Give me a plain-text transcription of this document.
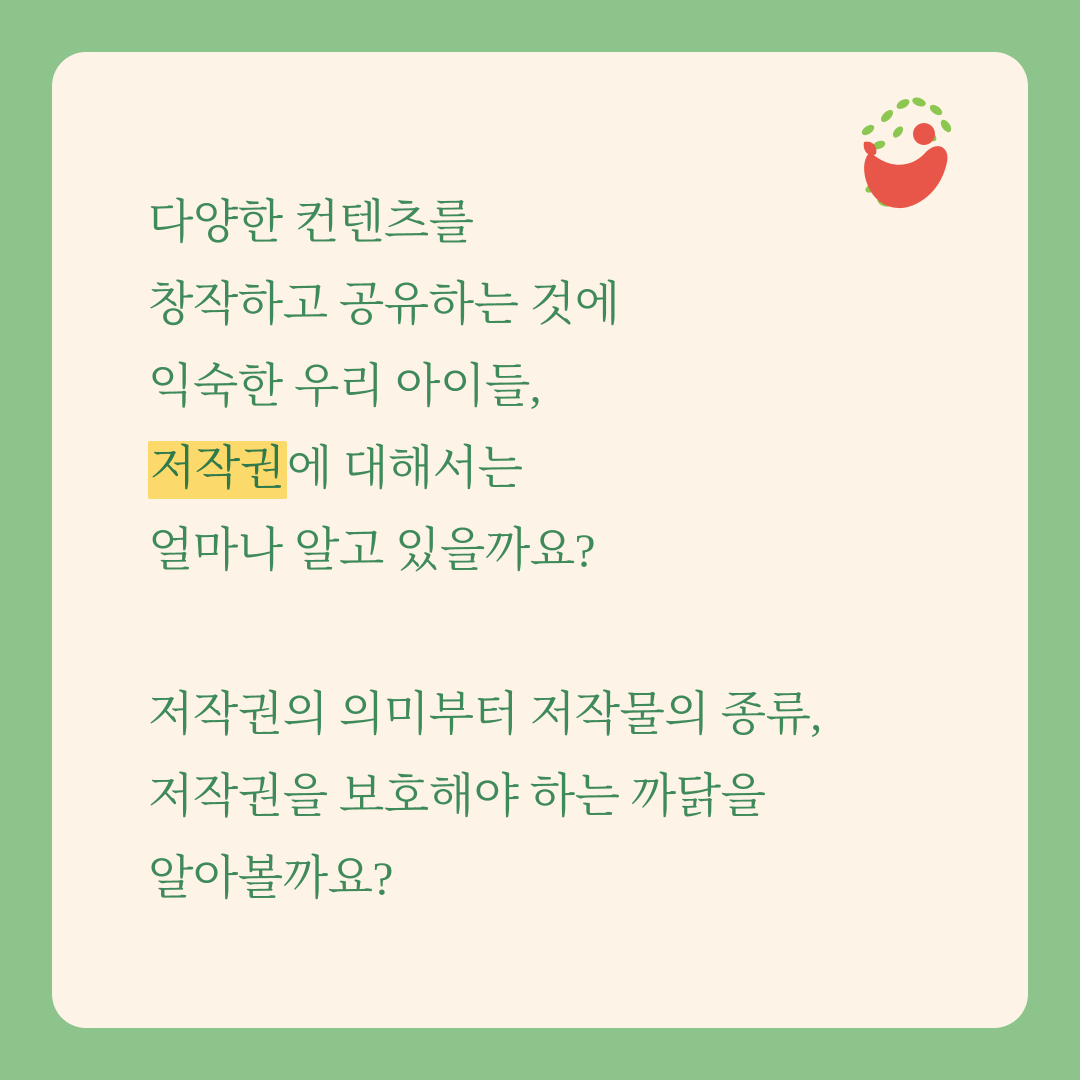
다양한 컨텐츠를
창작하고 공유하는 것에
익숙한 우리 아이들,
저작권에 대해서는
얼마나 알고 있을까요?
저작권의 의미부터 저작물의 종류,
저작권을 보호해야 하는 까닭을
알아볼까요?
